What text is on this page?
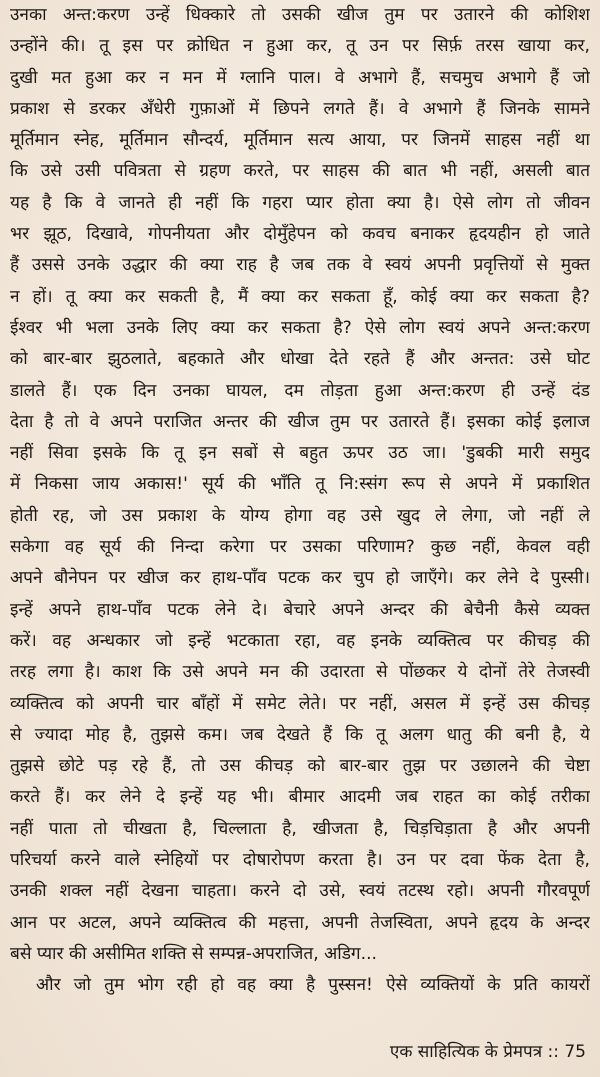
उनका अन्त:करण उन्हें धिक्कारे तो उसकी खीज तुम पर उतारने की कोशिश
उन्होंने की। तू इस पर क्रोधित न हुआ कर, तू उन पर सिर्फ़ तरस खाया कर,
दुखी मत हुआ कर न मन में ग्लानि पाल। वे अभागे हैं, सचमुच अभागे हैं जो
प्रकाश से डरकर अँधेरी गुफ़ाओं में छिपने लगते हैं। वे अभागे हैं जिनके सामने
मूर्तिमान स्नेह, मूर्तिमान सौन्दर्य, मूर्तिमान सत्य आया, पर जिनमें साहस नहीं था
कि उसे उसी पवित्रता से ग्रहण करते, पर साहस की बात भी नहीं, असली बात
यह है कि वे जानते ही नहीं कि गहरा प्यार होता क्या है। ऐसे लोग तो जीवन
भर झूठ, दिखावे, गोपनीयता और दोमुँहेपन को कवच बनाकर हृदयहीन हो जाते
हैं उससे उनके उद्धार की क्या राह है जब तक वे स्वयं अपनी प्रवृत्तियों से मुक्त
न हों। तू क्या कर सकती है, मैं क्या कर सकता हूँ, कोई क्या कर सकता है?
ईश्वर भी भला उनके लिए क्या कर सकता है? ऐसे लोग स्वयं अपने अन्त:करण
को बार-बार झुठलाते, बहकाते और धोखा देते रहते हैं और अन्तत: उसे घोट
डालते हैं। एक दिन उनका घायल, दम तोड़ता हुआ अन्त:करण ही उन्हें दंड
देता है तो वे अपने पराजित अन्तर की खीज तुम पर उतारते हैं। इसका कोई इलाज
नहीं सिवा इसके कि तू इन सबों से बहुत ऊपर उठ जा। 'डुबकी मारी समुद
में निकसा जाय अकास!' सूर्य की भाँति तू नि:स्संग रूप से अपने में प्रकाशित
होती रह, जो उस प्रकाश के योग्य होगा वह उसे खुद ले लेगा, जो नहीं ले
सकेगा वह सूर्य की निन्दा करेगा पर उसका परिणाम? कुछ नहीं, केवल वही
अपने बौनेपन पर खीज कर हाथ-पाँव पटक कर चुप हो जाएँगे। कर लेने दे पुस्सी।
इन्हें अपने हाथ-पाँव पटक लेने दे। बेचारे अपने अन्दर की बेचैनी कैसे व्यक्त
करें। वह अन्धकार जो इन्हें भटकाता रहा, वह इनके व्यक्तित्व पर कीचड़ की
तरह लगा है। काश कि उसे अपने मन की उदारता से पोंछकर ये दोनों तेरे तेजस्वी
व्यक्तित्व को अपनी चार बाँहों में समेट लेते। पर नहीं, असल में इन्हें उस कीचड़
से ज्यादा मोह है, तुझसे कम। जब देखते हैं कि तू अलग धातु की बनी है, ये
तुझसे छोटे पड़ रहे हैं, तो उस कीचड़ को बार-बार तुझ पर उछालने की चेष्टा
करते हैं। कर लेने दे इन्हें यह भी। बीमार आदमी जब राहत का कोई तरीका
नहीं पाता तो चीखता है, चिल्लाता है, खीजता है, चिड़चिड़ाता है और अपनी
परिचर्या करने वाले स्नेहियों पर दोषारोपण करता है। उन पर दवा फेंक देता है,
उनकी शक्ल नहीं देखना चाहता। करने दो उसे, स्वयं तटस्थ रहो। अपनी गौरवपूर्ण
आन पर अटल, अपने व्यक्तित्व की महत्ता, अपनी तेजस्विता, अपने हृदय के अन्दर
बसे प्यार की असीमित शक्ति से सम्पन्न-अपराजित, अडिग...
और जो तुम भोग रही हो वह क्या है पुस्सन! ऐसे व्यक्तियों के प्रति कायरों
एक साहित्यिक के प्रेमपत्र :: 75
